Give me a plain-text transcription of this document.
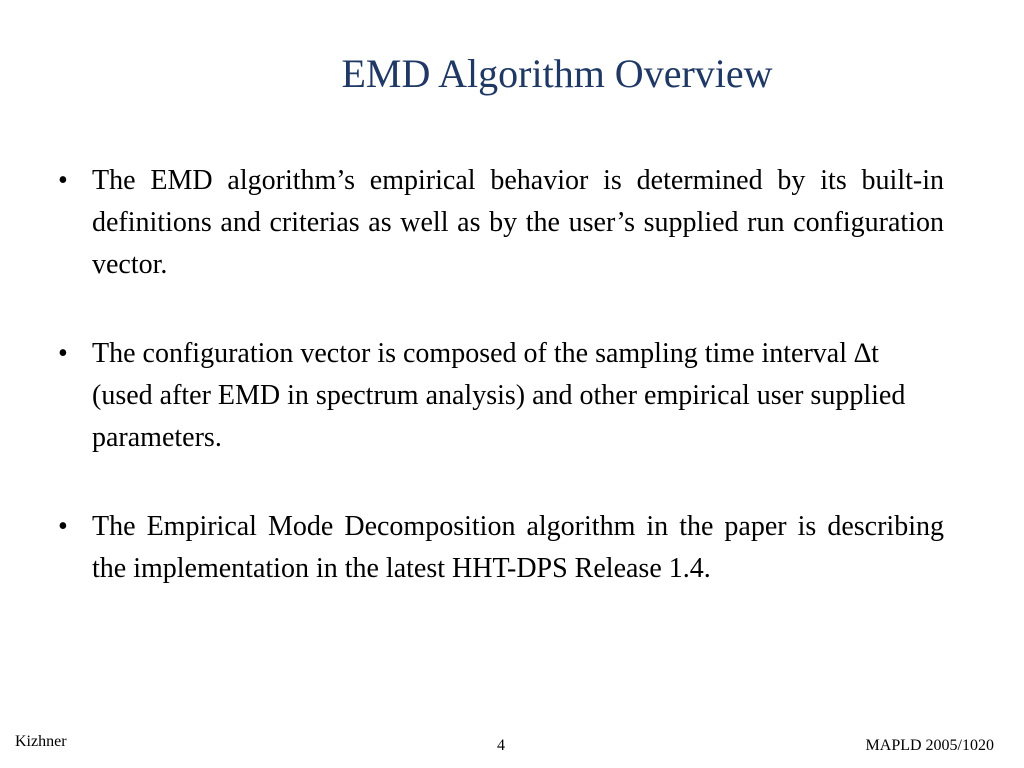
EMD Algorithm Overview
• The EMD algorithm’s empirical behavior is determined by its built-in definitions and criterias as well as by the user’s supplied run configuration vector.
• The configuration vector is composed of the sampling time interval ∆t (used after EMD in spectrum analysis) and other empirical user supplied parameters.
• The Empirical Mode Decomposition algorithm in the paper is describing the implementation in the latest HHT-DPS Release 1.4.
Kizhner	4	MAPLD 2005/1020
